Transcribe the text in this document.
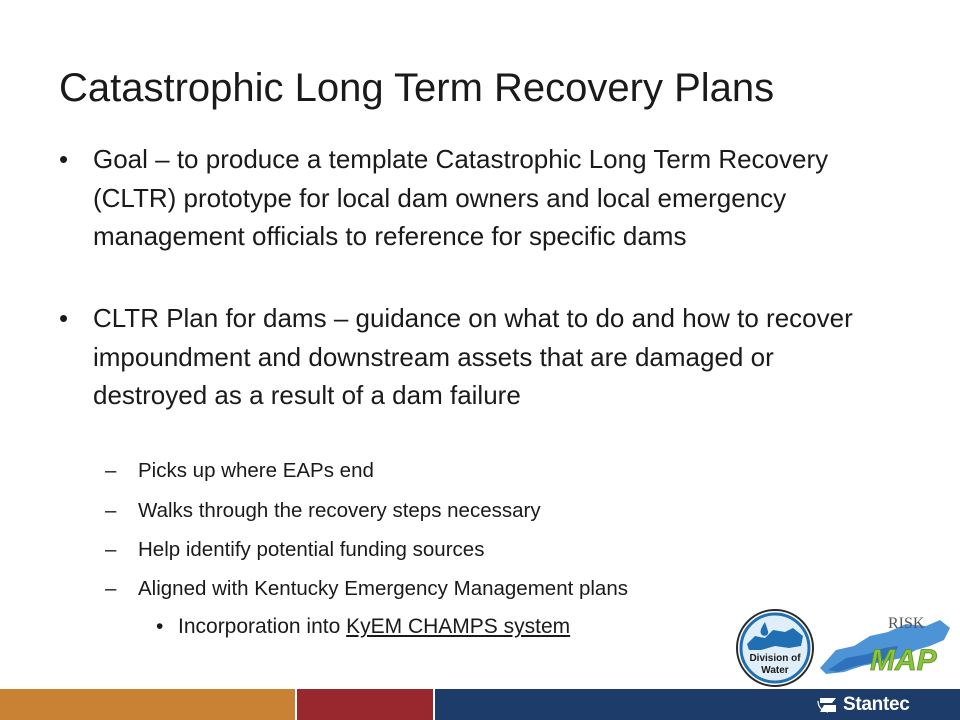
Catastrophic Long Term Recovery Plans
• Goal – to produce a template Catastrophic Long Term Recovery (CLTR) prototype for local dam owners and local emergency management officials to reference for specific dams
• CLTR Plan for dams – guidance on what to do and how to recover impoundment and downstream assets that are damaged or destroyed as a result of a dam failure
– Picks up where EAPs end
– Walks through the recovery steps necessary
– Help identify potential funding sources
– Aligned with Kentucky Emergency Management plans
• Incorporation into KyEM CHAMPS system
Division of
Water
RISK
MAP
Stantec
